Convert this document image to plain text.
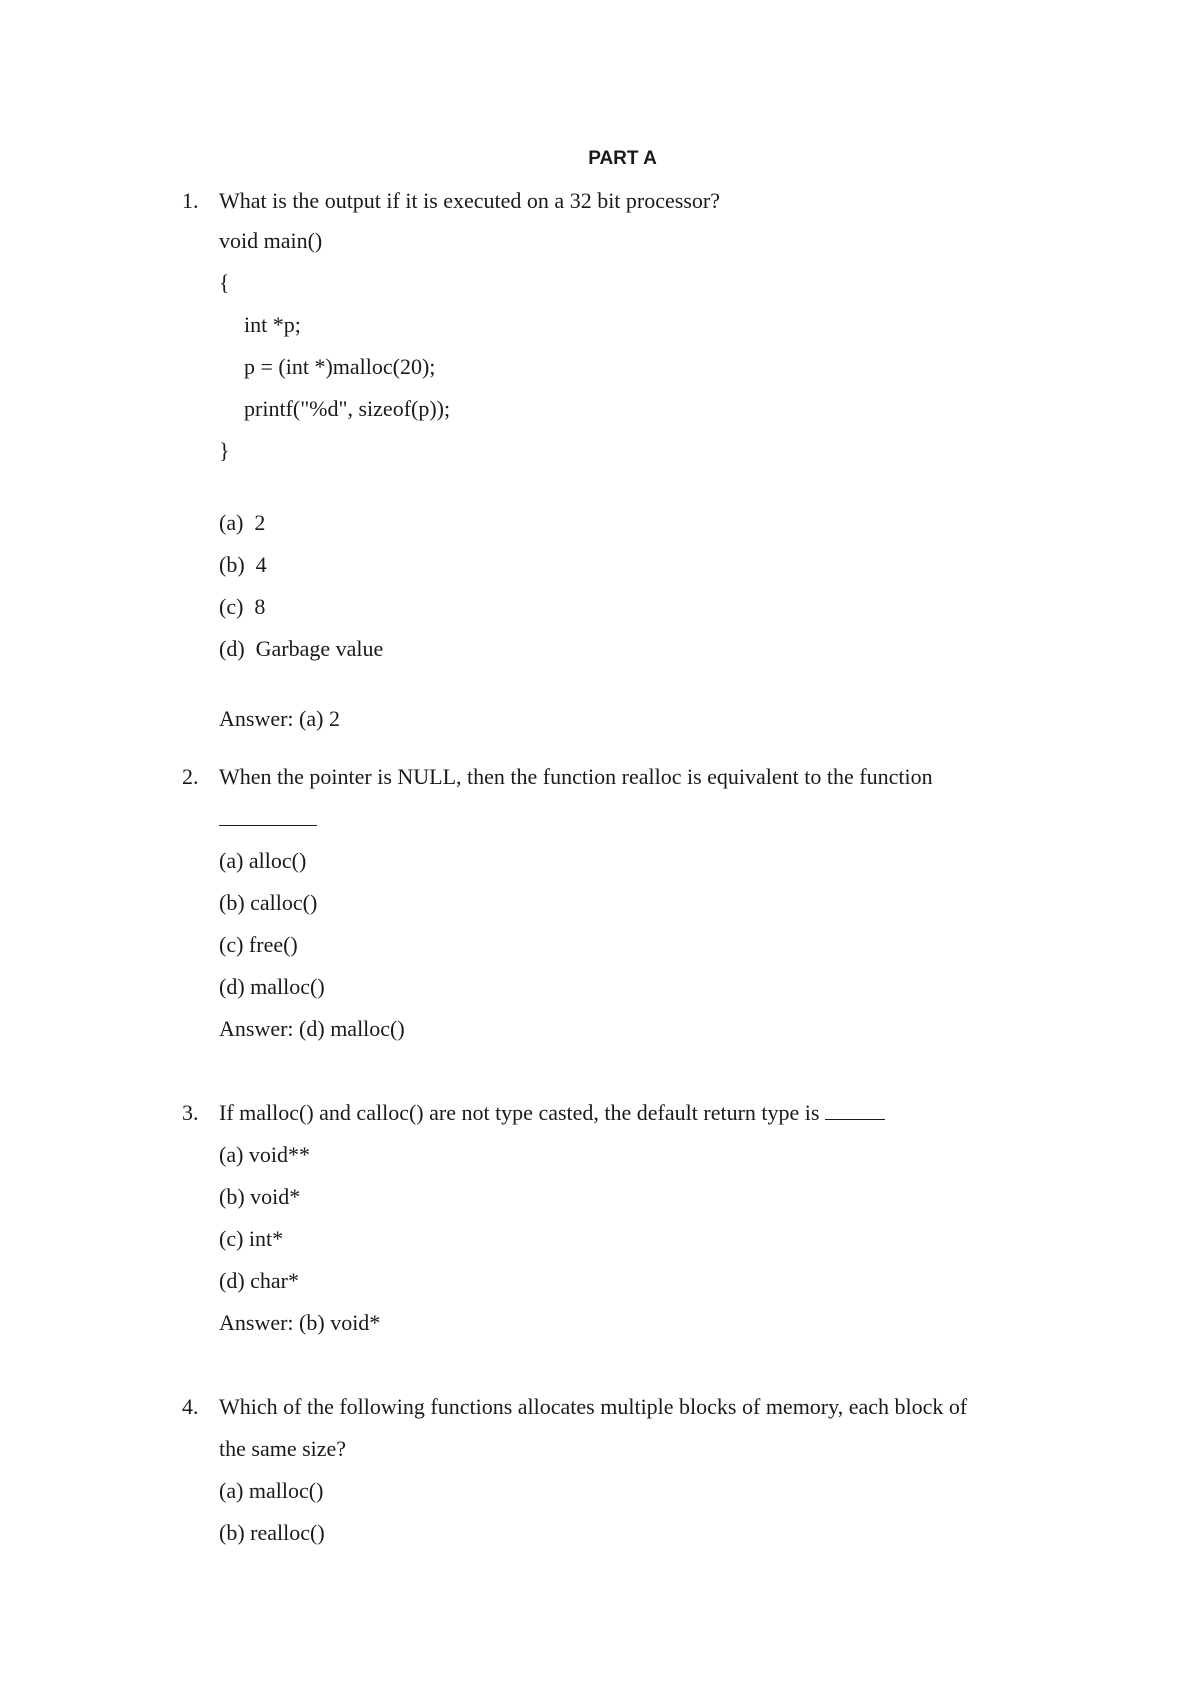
PART A
1. What is the output if it is executed on a 32 bit processor?
void main()
{
int *p;
p = (int *)malloc(20);
printf("%d", sizeof(p));
}
(a)  2
(b)  4
(c)  8
(d)  Garbage value
Answer: (a) 2
2. When the pointer is NULL, then the function realloc is equivalent to the function
(a) alloc()
(b) calloc()
(c) free()
(d) malloc()
Answer: (d) malloc()
3. If malloc() and calloc() are not type casted, the default return type is
(a) void**
(b) void*
(c) int*
(d) char*
Answer: (b) void*
4. Which of the following functions allocates multiple blocks of memory, each block of
the same size?
(a) malloc()
(b) realloc()
